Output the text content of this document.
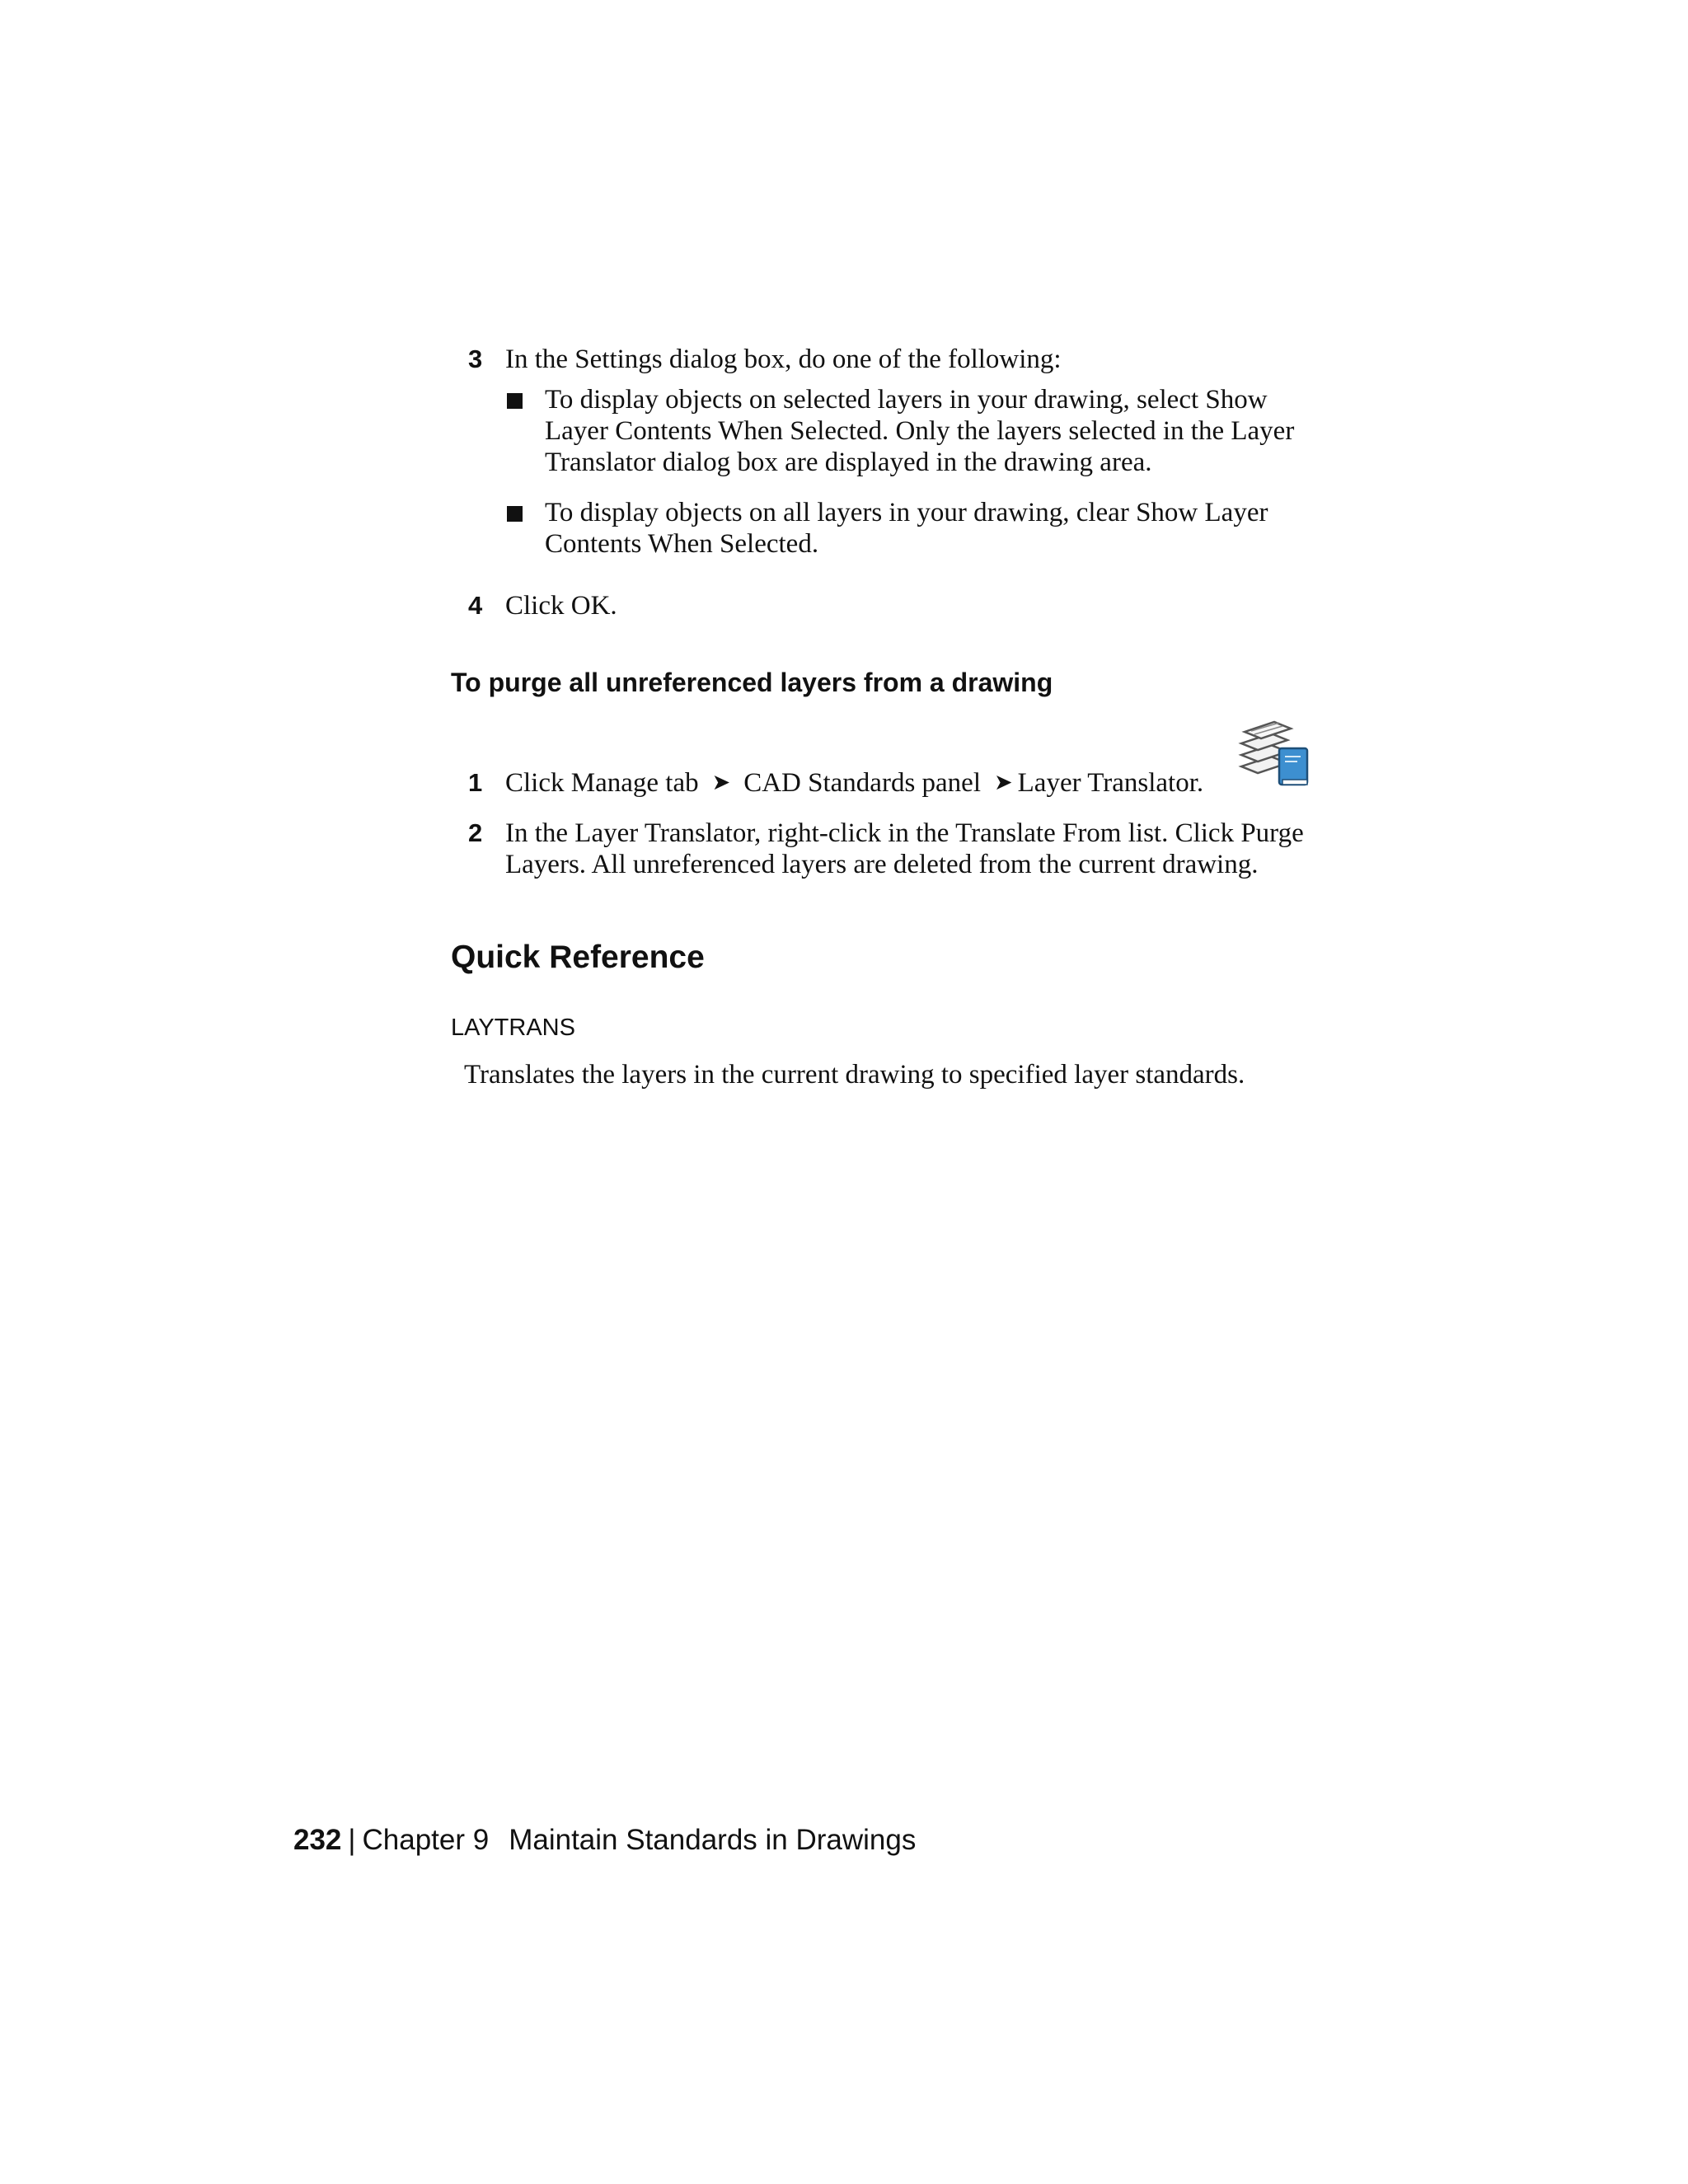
3 In the Settings dialog box, do one of the following:
To display objects on selected layers in your drawing, select Show
Layer Contents When Selected. Only the layers selected in the Layer
Translator dialog box are displayed in the drawing area.
To display objects on all layers in your drawing, clear Show Layer
Contents When Selected.
4 Click OK.
To purge all unreferenced layers from a drawing
1 Click Manage tab ➤ CAD Standards panel ➤ Layer Translator.
2 In the Layer Translator, right-click in the Translate From list. Click Purge
Layers. All unreferenced layers are deleted from the current drawing.
Quick Reference
LAYTRANS
Translates the layers in the current drawing to specified layer standards.
232 | Chapter 9 Maintain Standards in Drawings
